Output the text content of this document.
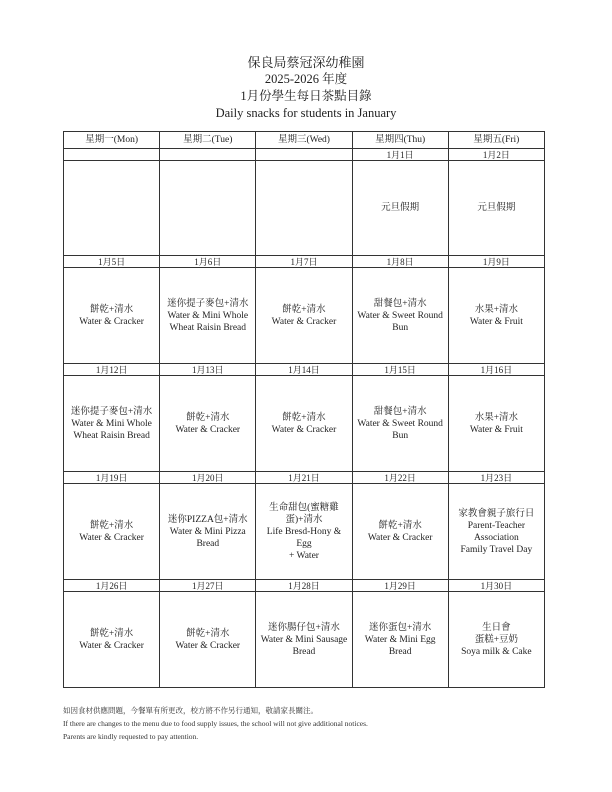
保良局蔡冠深幼稚園
2025-2026 年度
1月份學生每日茶點目錄
Daily snacks for students in January
星期一(Mon)	星期二(Tue)	星期三(Wed)	星期四(Thu)	星期五(Fri)
			1月1日	1月2日

			元旦假期	元旦假期

1月5日	1月6日	1月7日	1月8日	1月9日

餅乾+清水
Water & Cracker	迷你提子麥包+清水
Water & Mini Whole Wheat Raisin Bread	餅乾+清水
Water & Cracker	甜餐包+清水
Water & Sweet Round Bun	水果+清水
Water & Fruit

1月12日	1月13日	1月14日	1月15日	1月16日

迷你提子麥包+清水
Water & Mini Whole Wheat Raisin Bread	餅乾+清水
Water & Cracker	餅乾+清水
Water & Cracker	甜餐包+清水
Water & Sweet Round Bun	水果+清水
Water & Fruit

1月19日	1月20日	1月21日	1月22日	1月23日

餅乾+清水
Water & Cracker	迷你PIZZA包+清水
Water & Mini Pizza Bread	生命甜包(蜜糖雞蛋)+清水
Life Bresd-Hony & Egg
+ Water	餅乾+清水
Water & Cracker	家教會親子旅行日
Parent-Teacher Association
Family Travel Day

1月26日	1月27日	1月28日	1月29日	1月30日

餅乾+清水
Water & Cracker	餅乾+清水
Water & Cracker	迷你腸仔包+清水
Water & Mini Sausage Bread	迷你蛋包+清水
Water & Mini Egg Bread	生日會
蛋糕+豆奶
Soya milk & Cake
如因食材供應問題，今餐單有所更改，校方將不作另行通知，敬請家長關注。
If there are changes to the menu due to food supply issues, the school will not give additional notices.
Parents are kindly requested to pay attention.
